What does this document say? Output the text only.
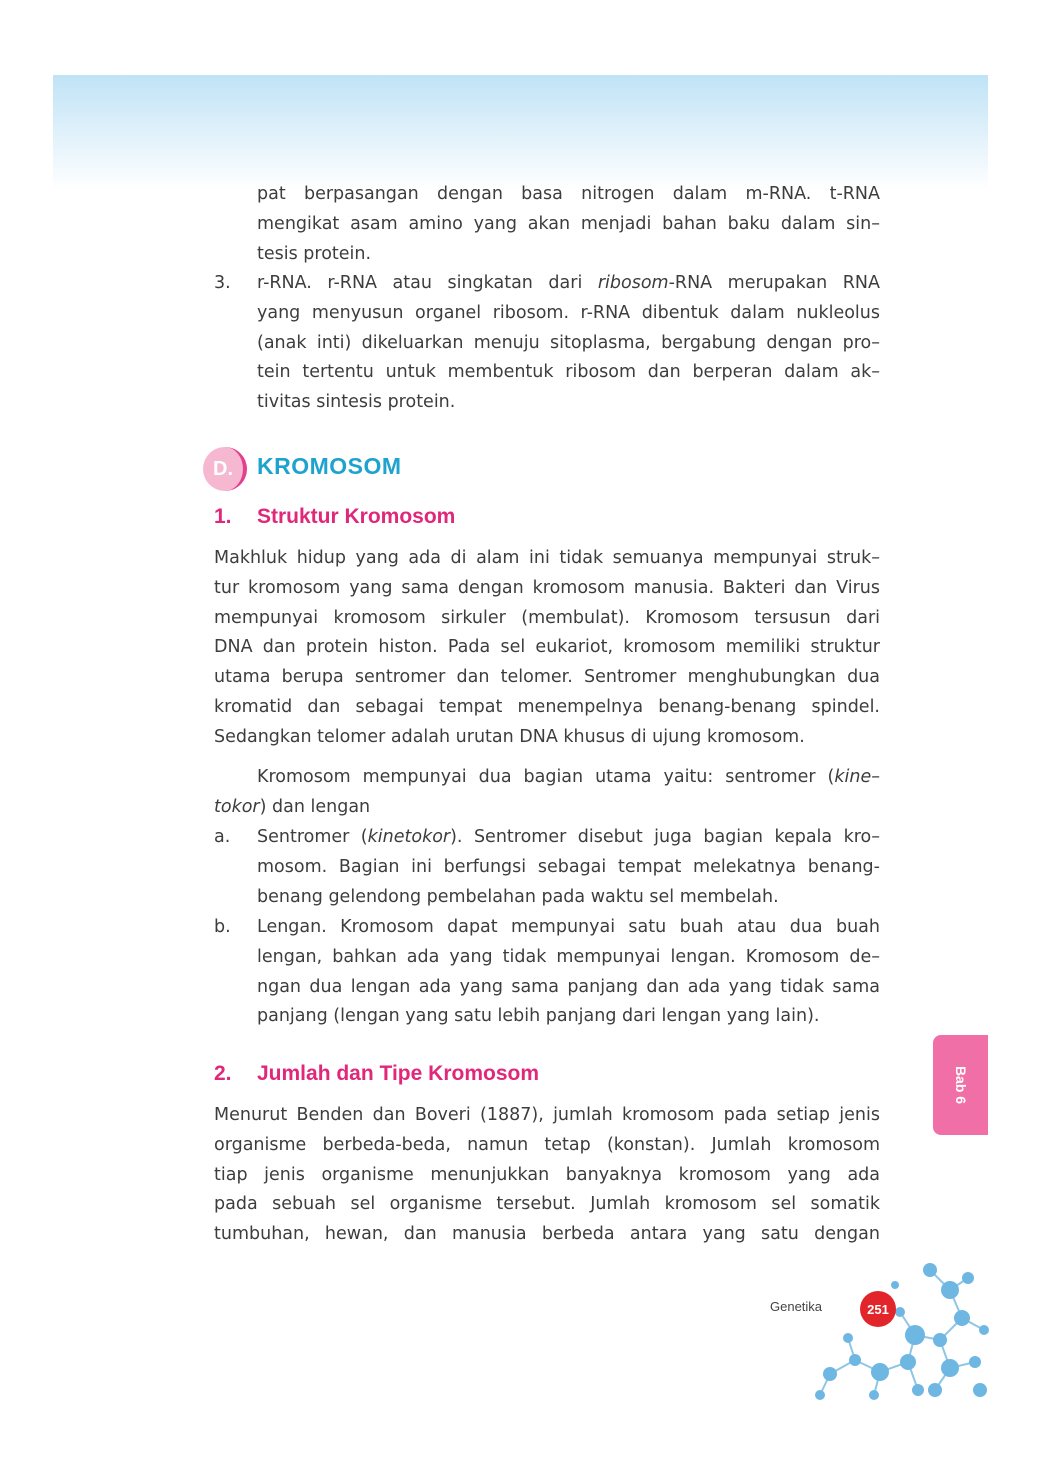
pat berpasangan dengan basa nitrogen dalam m-RNA. t-RNA
mengikat asam amino yang akan menjadi bahan baku dalam sin–
tesis protein.
3. r-RNA. r-RNA atau singkatan dari ribosom-RNA merupakan RNA
yang menyusun organel ribosom. r-RNA dibentuk dalam nukleolus
(anak inti) dikeluarkan menuju sitoplasma, bergabung dengan pro–
tein tertentu untuk membentuk ribosom dan berperan dalam ak–
tivitas sintesis protein.
D.	KROMOSOM
1. Struktur Kromosom
Makhluk hidup yang ada di alam ini tidak semuanya mempunyai struk–
tur kromosom yang sama dengan kromosom manusia. Bakteri dan Virus
mempunyai kromosom sirkuler (membulat). Kromosom tersusun dari
DNA dan protein histon. Pada sel eukariot, kromosom memiliki struktur
utama berupa sentromer dan telomer. Sentromer menghubungkan dua
kromatid dan sebagai tempat menempelnya benang-benang spindel.
Sedangkan telomer adalah urutan DNA khusus di ujung kromosom.
Kromosom mempunyai dua bagian utama yaitu: sentromer (kine–
tokor) dan lengan
a. Sentromer (kinetokor). Sentromer disebut juga bagian kepala kro–
mosom. Bagian ini berfungsi sebagai tempat melekatnya benang-
benang gelendong pembelahan pada waktu sel membelah.
b. Lengan. Kromosom dapat mempunyai satu buah atau dua buah
lengan, bahkan ada yang tidak mempunyai lengan. Kromosom de–
ngan dua lengan ada yang sama panjang dan ada yang tidak sama
panjang (lengan yang satu lebih panjang dari lengan yang lain).
2. Jumlah dan Tipe Kromosom
Menurut Benden dan Boveri (1887), jumlah kromosom pada setiap jenis
organisme berbeda-beda, namun tetap (konstan). Jumlah kromosom
tiap jenis organisme menunjukkan banyaknya kromosom yang ada
pada sebuah sel organisme tersebut. Jumlah kromosom sel somatik
tumbuhan, hewan, dan manusia berbeda antara yang satu dengan
Bab 6
Genetika	251
